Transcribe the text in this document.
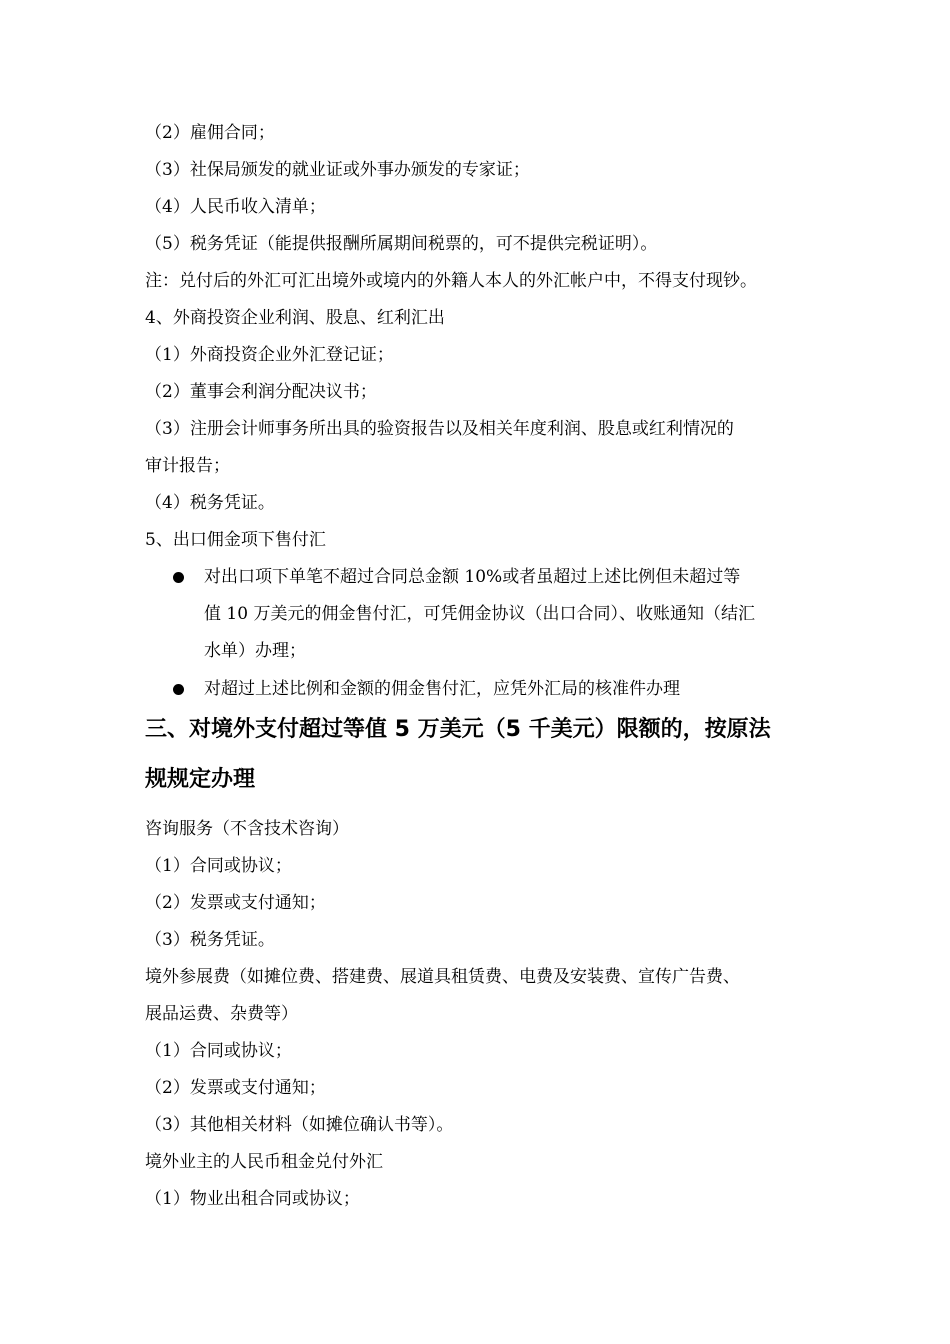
（2）雇佣合同；
（3）社保局颁发的就业证或外事办颁发的专家证；
（4）人民币收入清单；
（5）税务凭证（能提供报酬所属期间税票的，可不提供完税证明）。
注：兑付后的外汇可汇出境外或境内的外籍人本人的外汇帐户中，不得支付现钞。
4、外商投资企业利润、股息、红利汇出
（1）外商投资企业外汇登记证；
（2）董事会利润分配决议书；
（3）注册会计师事务所出具的验资报告以及相关年度利润、股息或红利情况的
审计报告；
（4）税务凭证。
5、出口佣金项下售付汇
对出口项下单笔不超过合同总金额 10%或者虽超过上述比例但未超过等
值 10 万美元的佣金售付汇，可凭佣金协议（出口合同）、收账通知（结汇
水单）办理；
对超过上述比例和金额的佣金售付汇，应凭外汇局的核准件办理
三、对境外支付超过等值 5 万美元（5 千美元）限额的，按原法
规规定办理
咨询服务（不含技术咨询）
（1）合同或协议；
（2）发票或支付通知；
（3）税务凭证。
境外参展费（如摊位费、搭建费、展道具租赁费、电费及安装费、宣传广告费、
展品运费、杂费等）
（1）合同或协议；
（2）发票或支付通知；
（3）其他相关材料（如摊位确认书等）。
境外业主的人民币租金兑付外汇
（1）物业出租合同或协议；
